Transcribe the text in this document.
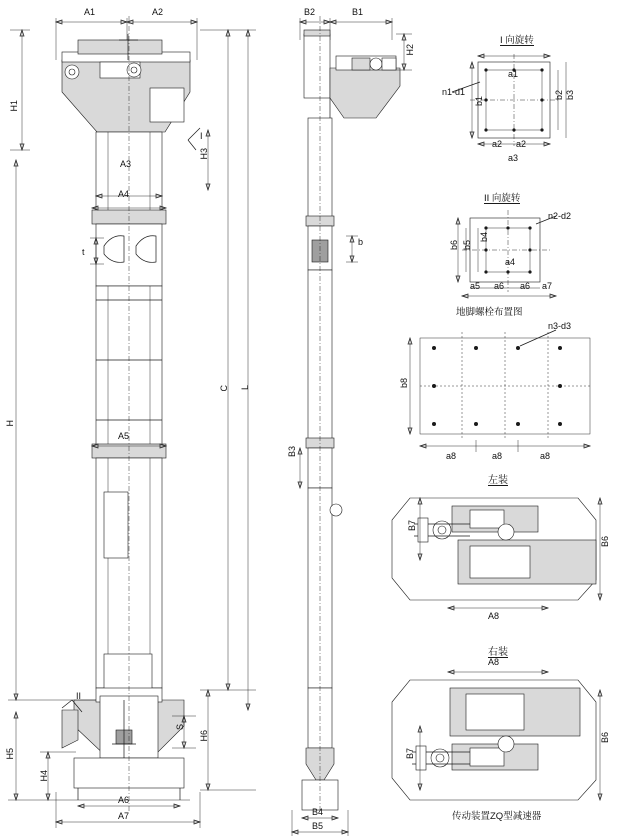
A1	A2
H1
H
H5
H4
H3
C L
H6
S
A3
A4
A5
t
A6
A7
I
II
B2	B1
H2
b
B3
B4
B5
I 向旋转
n1-d1
a1
b1
b2 b3
a2 a2
a3
II 向旋转
n2-d2
b6 b5
b4
a4
a5 a6 a6 a7
地脚螺栓布置图
n3-d3
b8
a8	a8	a8
左装
B7
B6
A8
右装
A8
B7
B6
传动装置ZQ型减速器
